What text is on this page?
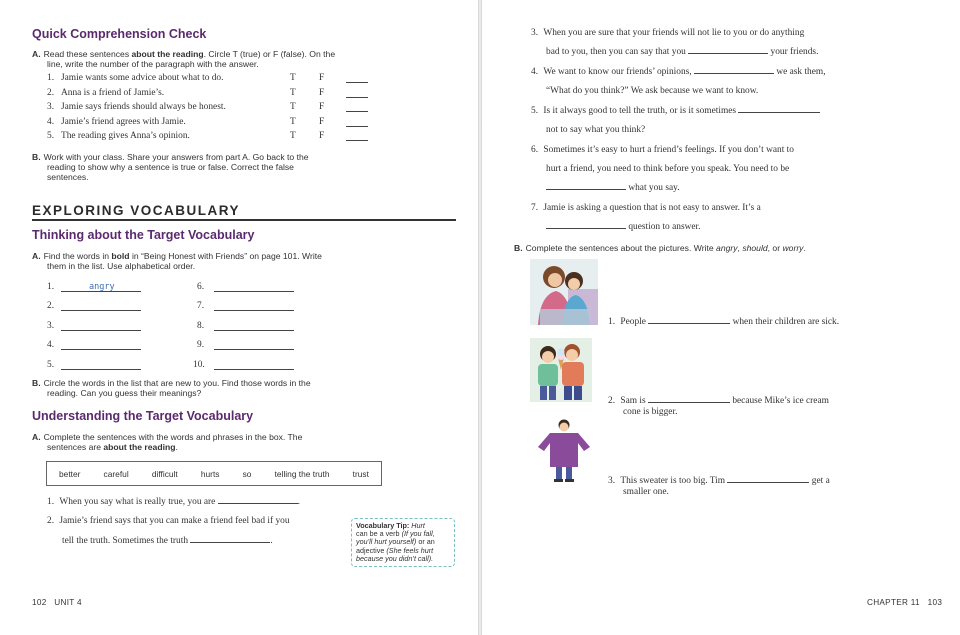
Quick Comprehension Check
A. Read these sentences about the reading. Circle T (true) or F (false). On the
line, write the number of the paragraph with the answer.
1. Jamie wants some advice about what to do.	T F
2. Anna is a friend of Jamie’s.	T F
3. Jamie says friends should always be honest.	T F
4. Jamie’s friend agrees with Jamie.	T F
5. The reading gives Anna’s opinion.	T F
B. Work with your class. Share your answers from part A. Go back to the
reading to show why a sentence is true or false. Correct the false
sentences.
EXPLORING VOCABULARY
Thinking about the Target Vocabulary
A. Find the words in bold in “Being Honest with Friends” on page 101. Write
them in the list. Use alphabetical order.
1.	angry	6.
2.	7.
3.	8.
4.	9.
5.	10.
B. Circle the words in the list that are new to you. Find those words in the
reading. Can you guess their meanings?
Understanding the Target Vocabulary
A. Complete the sentences with the words and phrases in the box. The
sentences are about the reading.
better	careful	difficult	hurts	so	telling the truth	trust
1. When you say what is really true, you are	.
2. Jamie’s friend says that you can make a friend feel bad if you
tell the truth. Sometimes the truth	.
Vocabulary Tip: Hurt
can be a verb (If you fall,
you’ll hurt yourself) or an
adjective (She feels hurt
because you didn’t call).
102 UNIT 4
3. When you are sure that your friends will not lie to you or do anything
bad to you, then you can say that you	your friends.
4. We want to know our friends’ opinions,	we ask them,
“What do you think?” We ask because we want to know.
5. Is it always good to tell the truth, or is it sometimes
not to say what you think?
6. Sometimes it’s easy to hurt a friend’s feelings. If you don’t want to
hurt a friend, you need to think before you speak. You need to be
what you say.
7. Jamie is asking a question that is not easy to answer. It’s a
question to answer.
B. Complete the sentences about the pictures. Write angry, should, or worry.
1. People	when their children are sick.
2. Sam is	because Mike’s ice cream
cone is bigger.
3. This sweater is too big. Tim	get a
smaller one.
CHAPTER 11 103
